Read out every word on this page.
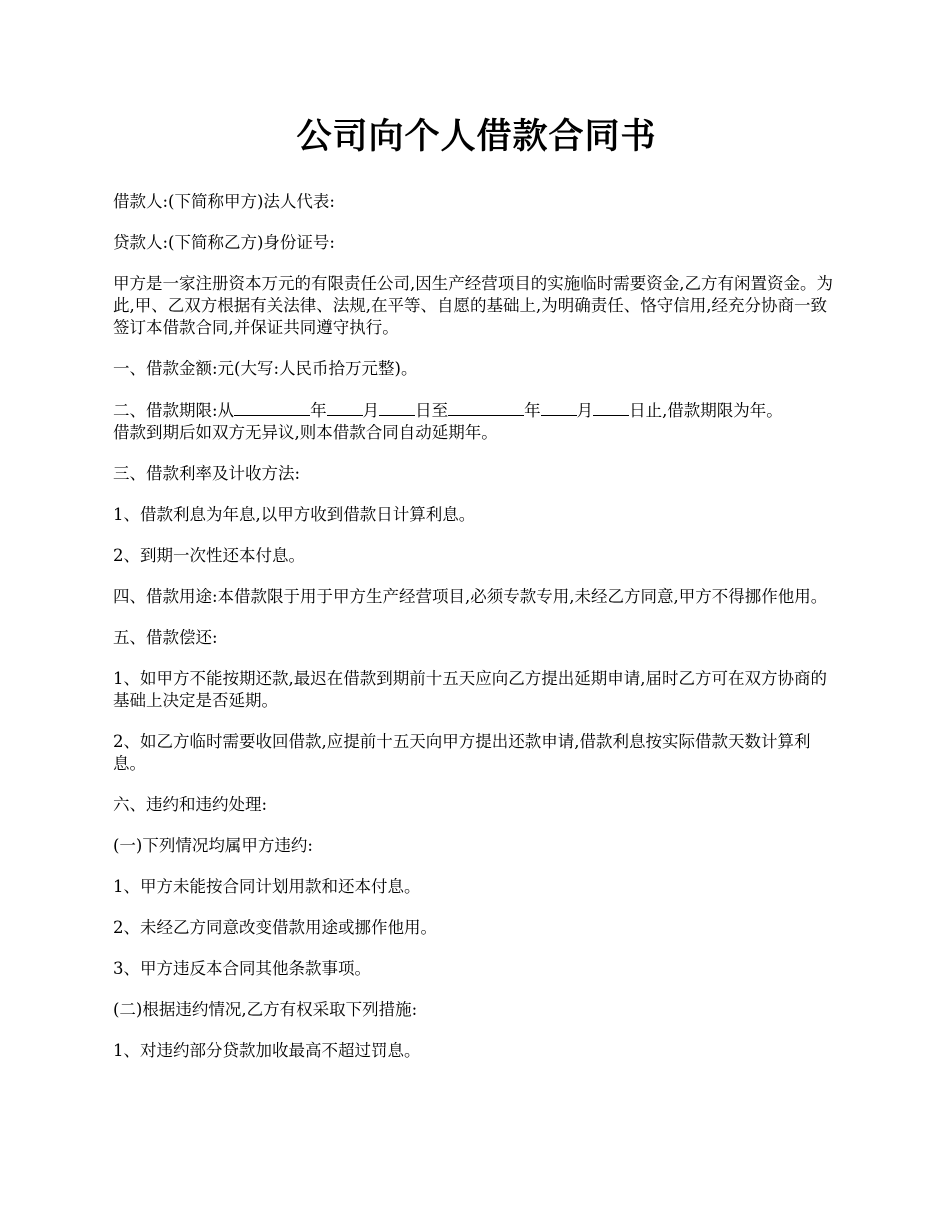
公司向个人借款合同书

借款人:(下简称甲方)法人代表:

贷款人:(下简称乙方)身份证号:

甲方是一家注册资本万元的有限责任公司,因生产经营项目的实施临时需要资金,乙方有闲置资金。为此,甲、乙双方根据有关法律、法规,在平等、自愿的基础上,为明确责任、恪守信用,经充分协商一致签订本借款合同,并保证共同遵守执行。

一、借款金额:元(大写:人民币拾万元整)。

二、借款期限:从	年 月 日至	年 月 日止,借款期限为年。
借款到期后如双方无异议,则本借款合同自动延期年。

三、借款利率及计收方法:

1、借款利息为年息,以甲方收到借款日计算利息。

2、到期一次性还本付息。

四、借款用途:本借款限于用于甲方生产经营项目,必须专款专用,未经乙方同意,甲方不得挪作他用。

五、借款偿还:

1、如甲方不能按期还款,最迟在借款到期前十五天应向乙方提出延期申请,届时乙方可在双方协商的基础上决定是否延期。

2、如乙方临时需要收回借款,应提前十五天向甲方提出还款申请,借款利息按实际借款天数计算利息。

六、违约和违约处理:

(一)下列情况均属甲方违约:

1、甲方未能按合同计划用款和还本付息。

2、未经乙方同意改变借款用途或挪作他用。

3、甲方违反本合同其他条款事项。

(二)根据违约情况,乙方有权采取下列措施:

1、对违约部分贷款加收最高不超过罚息。
